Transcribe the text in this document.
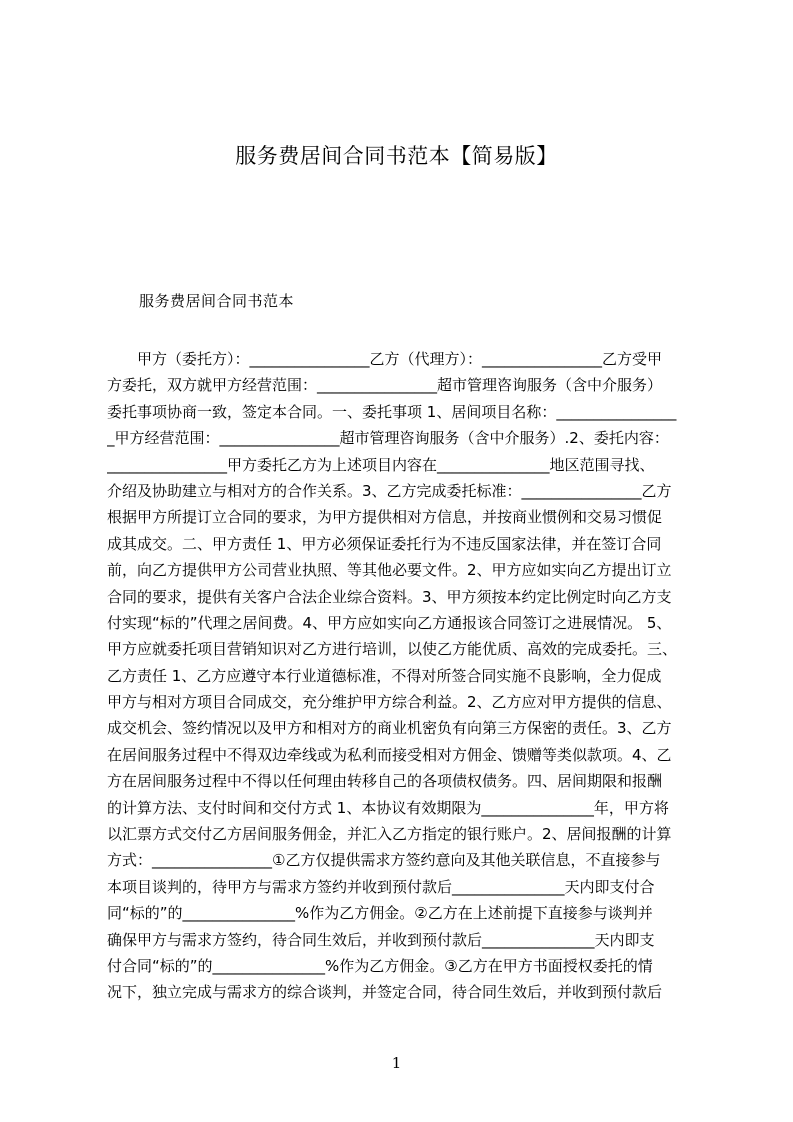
服务费居间合同书范本【简易版】
服务费居间合同书范本
　　甲方（委托方）：________________乙方（代理方）：________________乙方受甲
方委托，双方就甲方经营范围：________________超市管理咨询服务（含中介服务）
委托事项协商一致，签定本合同。一、委托事项 1、居间项目名称：________________
_甲方经营范围：________________超市管理咨询服务（含中介服务）.2、委托内容：
________________甲方委托乙方为上述项目内容在_______________地区范围寻找、
介绍及协助建立与相对方的合作关系。3、乙方完成委托标准：________________乙方
根据甲方所提订立合同的要求，为甲方提供相对方信息，并按商业惯例和交易习惯促
成其成交。二、甲方责任 1、甲方必须保证委托行为不违反国家法律，并在签订合同
前，向乙方提供甲方公司营业执照、等其他必要文件。2、甲方应如实向乙方提出订立
合同的要求，提供有关客户合法企业综合资料。3、甲方须按本约定比例定时向乙方支
付实现“标的”代理之居间费。4、甲方应如实向乙方通报该合同签订之进展情况。 5、
甲方应就委托项目营销知识对乙方进行培训，以使乙方能优质、高效的完成委托。三、
乙方责任 1、乙方应遵守本行业道德标准，不得对所签合同实施不良影响，全力促成
甲方与相对方项目合同成交，充分维护甲方综合利益。2、乙方应对甲方提供的信息、
成交机会、签约情况以及甲方和相对方的商业机密负有向第三方保密的责任。3、乙方
在居间服务过程中不得双边牵线或为私利而接受相对方佣金、馈赠等类似款项。4、乙
方在居间服务过程中不得以任何理由转移自己的各项债权债务。四、居间期限和报酬
的计算方法、支付时间和交付方式 1、本协议有效期限为_______________年，甲方将
以汇票方式交付乙方居间服务佣金，并汇入乙方指定的银行账户。2、居间报酬的计算
方式：________________①乙方仅提供需求方签约意向及其他关联信息，不直接参与
本项目谈判的，待甲方与需求方签约并收到预付款后_______________天内即支付合
同“标的”的_______________%作为乙方佣金。②乙方在上述前提下直接参与谈判并
确保甲方与需求方签约，待合同生效后，并收到预付款后_______________天内即支
付合同“标的”的_______________%作为乙方佣金。③乙方在甲方书面授权委托的情
况下，独立完成与需求方的综合谈判，并签定合同，待合同生效后，并收到预付款后
1
